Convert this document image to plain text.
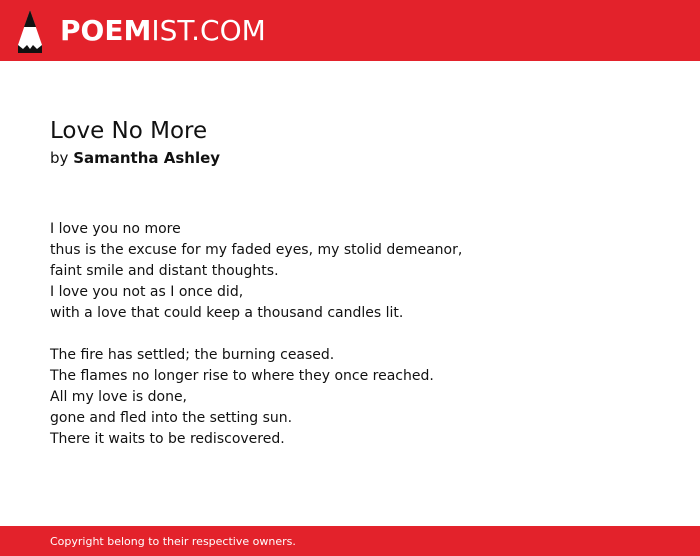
POEMIST.COM
Love No More
by Samantha Ashley

I love you no more
thus is the excuse for my faded eyes, my stolid demeanor,
faint smile and distant thoughts.
I love you not as I once did,
with a love that could keep a thousand candles lit.

The fire has settled; the burning ceased.
The flames no longer rise to where they once reached.
All my love is done,
gone and fled into the setting sun.
There it waits to be rediscovered.

Copyright belong to their respective owners.
